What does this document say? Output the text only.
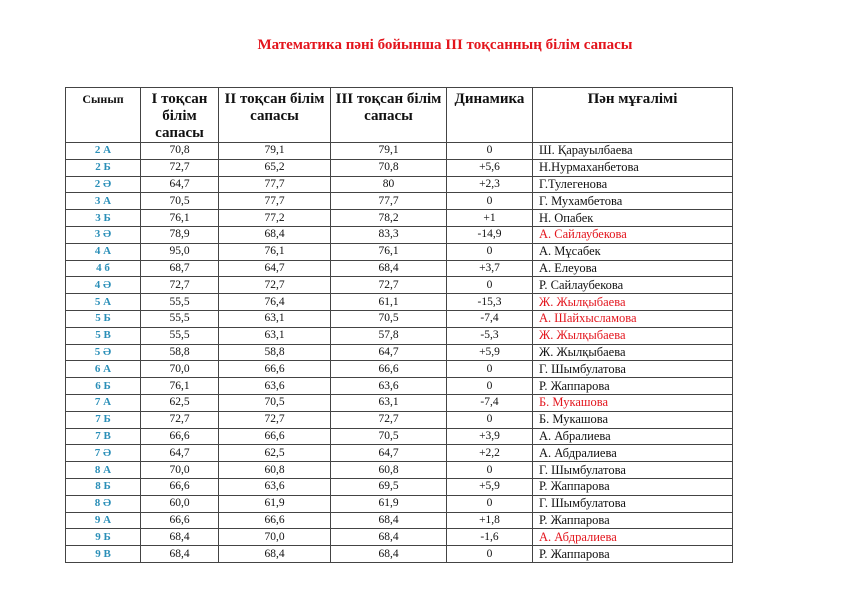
Математика пәні бойынша III тоқсанның білім сапасы
Сынып	I тоқсан білім сапасы	II тоқсан білім сапасы	III тоқсан білім сапасы	Динамика	Пән мұғалімі
2 А	70,8	79,1	79,1	0	Ш. Қарауылбаева
2 Б	72,7	65,2	70,8	+5,6	Н.Нурмаханбетова
2 Ә	64,7	77,7	80	+2,3	Г.Тулегенова
3 А	70,5	77,7	77,7	0	Г. Мухамбетова
3 Б	76,1	77,2	78,2	+1	Н. Опабек
3 Ә	78,9	68,4	83,3	-14,9	А. Сайлаубекова
4 А	95,0	76,1	76,1	0	А. Мұсабек
4 б	68,7	64,7	68,4	+3,7	А. Елеуова
4 Ә	72,7	72,7	72,7	0	Р. Сайлаубекова
5 А	55,5	76,4	61,1	-15,3	Ж. Жылқыбаева
5 Б	55,5	63,1	70,5	-7,4	А. Шайхысламова
5 В	55,5	63,1	57,8	-5,3	Ж. Жылқыбаева
5 Ә	58,8	58,8	64,7	+5,9	Ж. Жылқыбаева
6 А	70,0	66,6	66,6	0	Г. Шымбулатова
6 Б	76,1	63,6	63,6	0	Р. Жаппарова
7 А	62,5	70,5	63,1	-7,4	Б. Мукашова
7 Б	72,7	72,7	72,7	0	Б. Мукашова
7 В	66,6	66,6	70,5	+3,9	А. Абралиева
7 Ә	64,7	62,5	64,7	+2,2	А. Абдралиева
8 А	70,0	60,8	60,8	0	Г. Шымбулатова
8 Б	66,6	63,6	69,5	+5,9	Р. Жаппарова
8 Ә	60,0	61,9	61,9	0	Г. Шымбулатова
9 А	66,6	66,6	68,4	+1,8	Р. Жаппарова
9 Б	68,4	70,0	68,4	-1,6	А. Абдралиева
9 В	68,4	68,4	68,4	0	Р. Жаппарова
